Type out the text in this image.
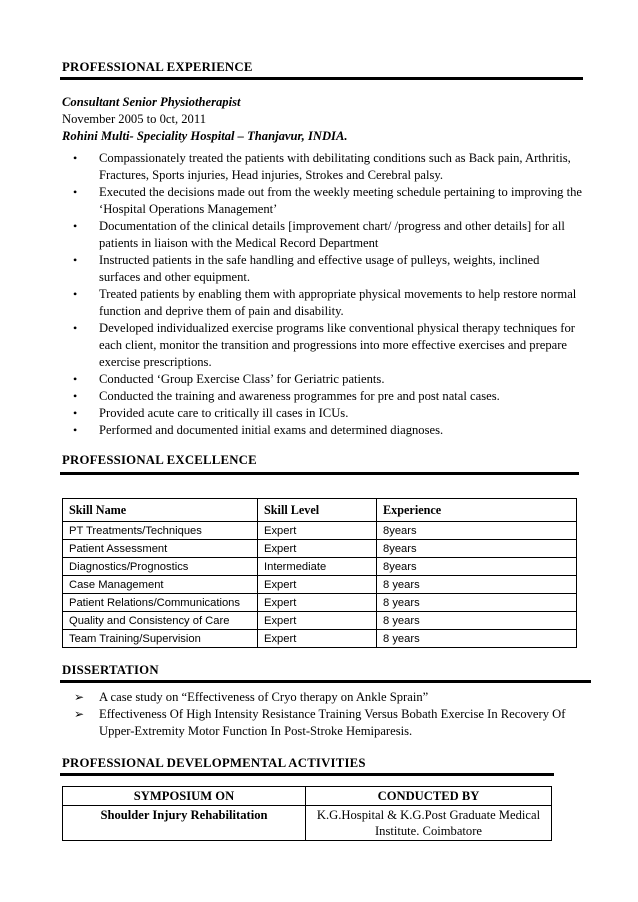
PROFESSIONAL EXPERIENCE
Consultant Senior Physiotherapist
November 2005 to 0ct, 2011
Rohini Multi- Speciality Hospital – Thanjavur, INDIA.
• Compassionately treated the patients with debilitating conditions such as Back pain, Arthritis, Fractures, Sports injuries, Head injuries, Strokes and Cerebral palsy.
• Executed the decisions made out from the weekly meeting schedule pertaining to improving the ‘Hospital Operations Management’
• Documentation of the clinical details [improvement chart/ /progress and other details] for all patients in liaison with the Medical Record Department
• Instructed patients in the safe handling and effective usage of pulleys, weights, inclined surfaces and other equipment.
• Treated patients by enabling them with appropriate physical movements to help restore normal function and deprive them of pain and disability.
• Developed individualized exercise programs like conventional physical therapy techniques for each client, monitor the transition and progressions into more effective exercises and prepare exercise prescriptions.
• Conducted ‘Group Exercise Class’ for Geriatric patients.
• Conducted the training and awareness programmes for pre and post natal cases.
• Provided acute care to critically ill cases in ICUs.
• Performed and documented initial exams and determined diagnoses.
PROFESSIONAL EXCELLENCE
Skill Name	Skill Level	Experience
PT Treatments/Techniques	Expert	8years
Patient Assessment	Expert	8years
Diagnostics/Prognostics	Intermediate	8years
Case Management	Expert	8 years
Patient Relations/Communications	Expert	8 years
Quality and Consistency of Care	Expert	8 years
Team Training/Supervision	Expert	8 years
DISSERTATION
➢ A case study on “Effectiveness of Cryo therapy on Ankle Sprain”
➢ Effectiveness Of High Intensity Resistance Training Versus Bobath Exercise In Recovery Of Upper-Extremity Motor Function In Post-Stroke Hemiparesis.
PROFESSIONAL DEVELOPMENTAL ACTIVITIES
SYMPOSIUM ON	CONDUCTED BY
Shoulder Injury Rehabilitation	K.G.Hospital & K.G.Post Graduate Medical Institute. Coimbatore
